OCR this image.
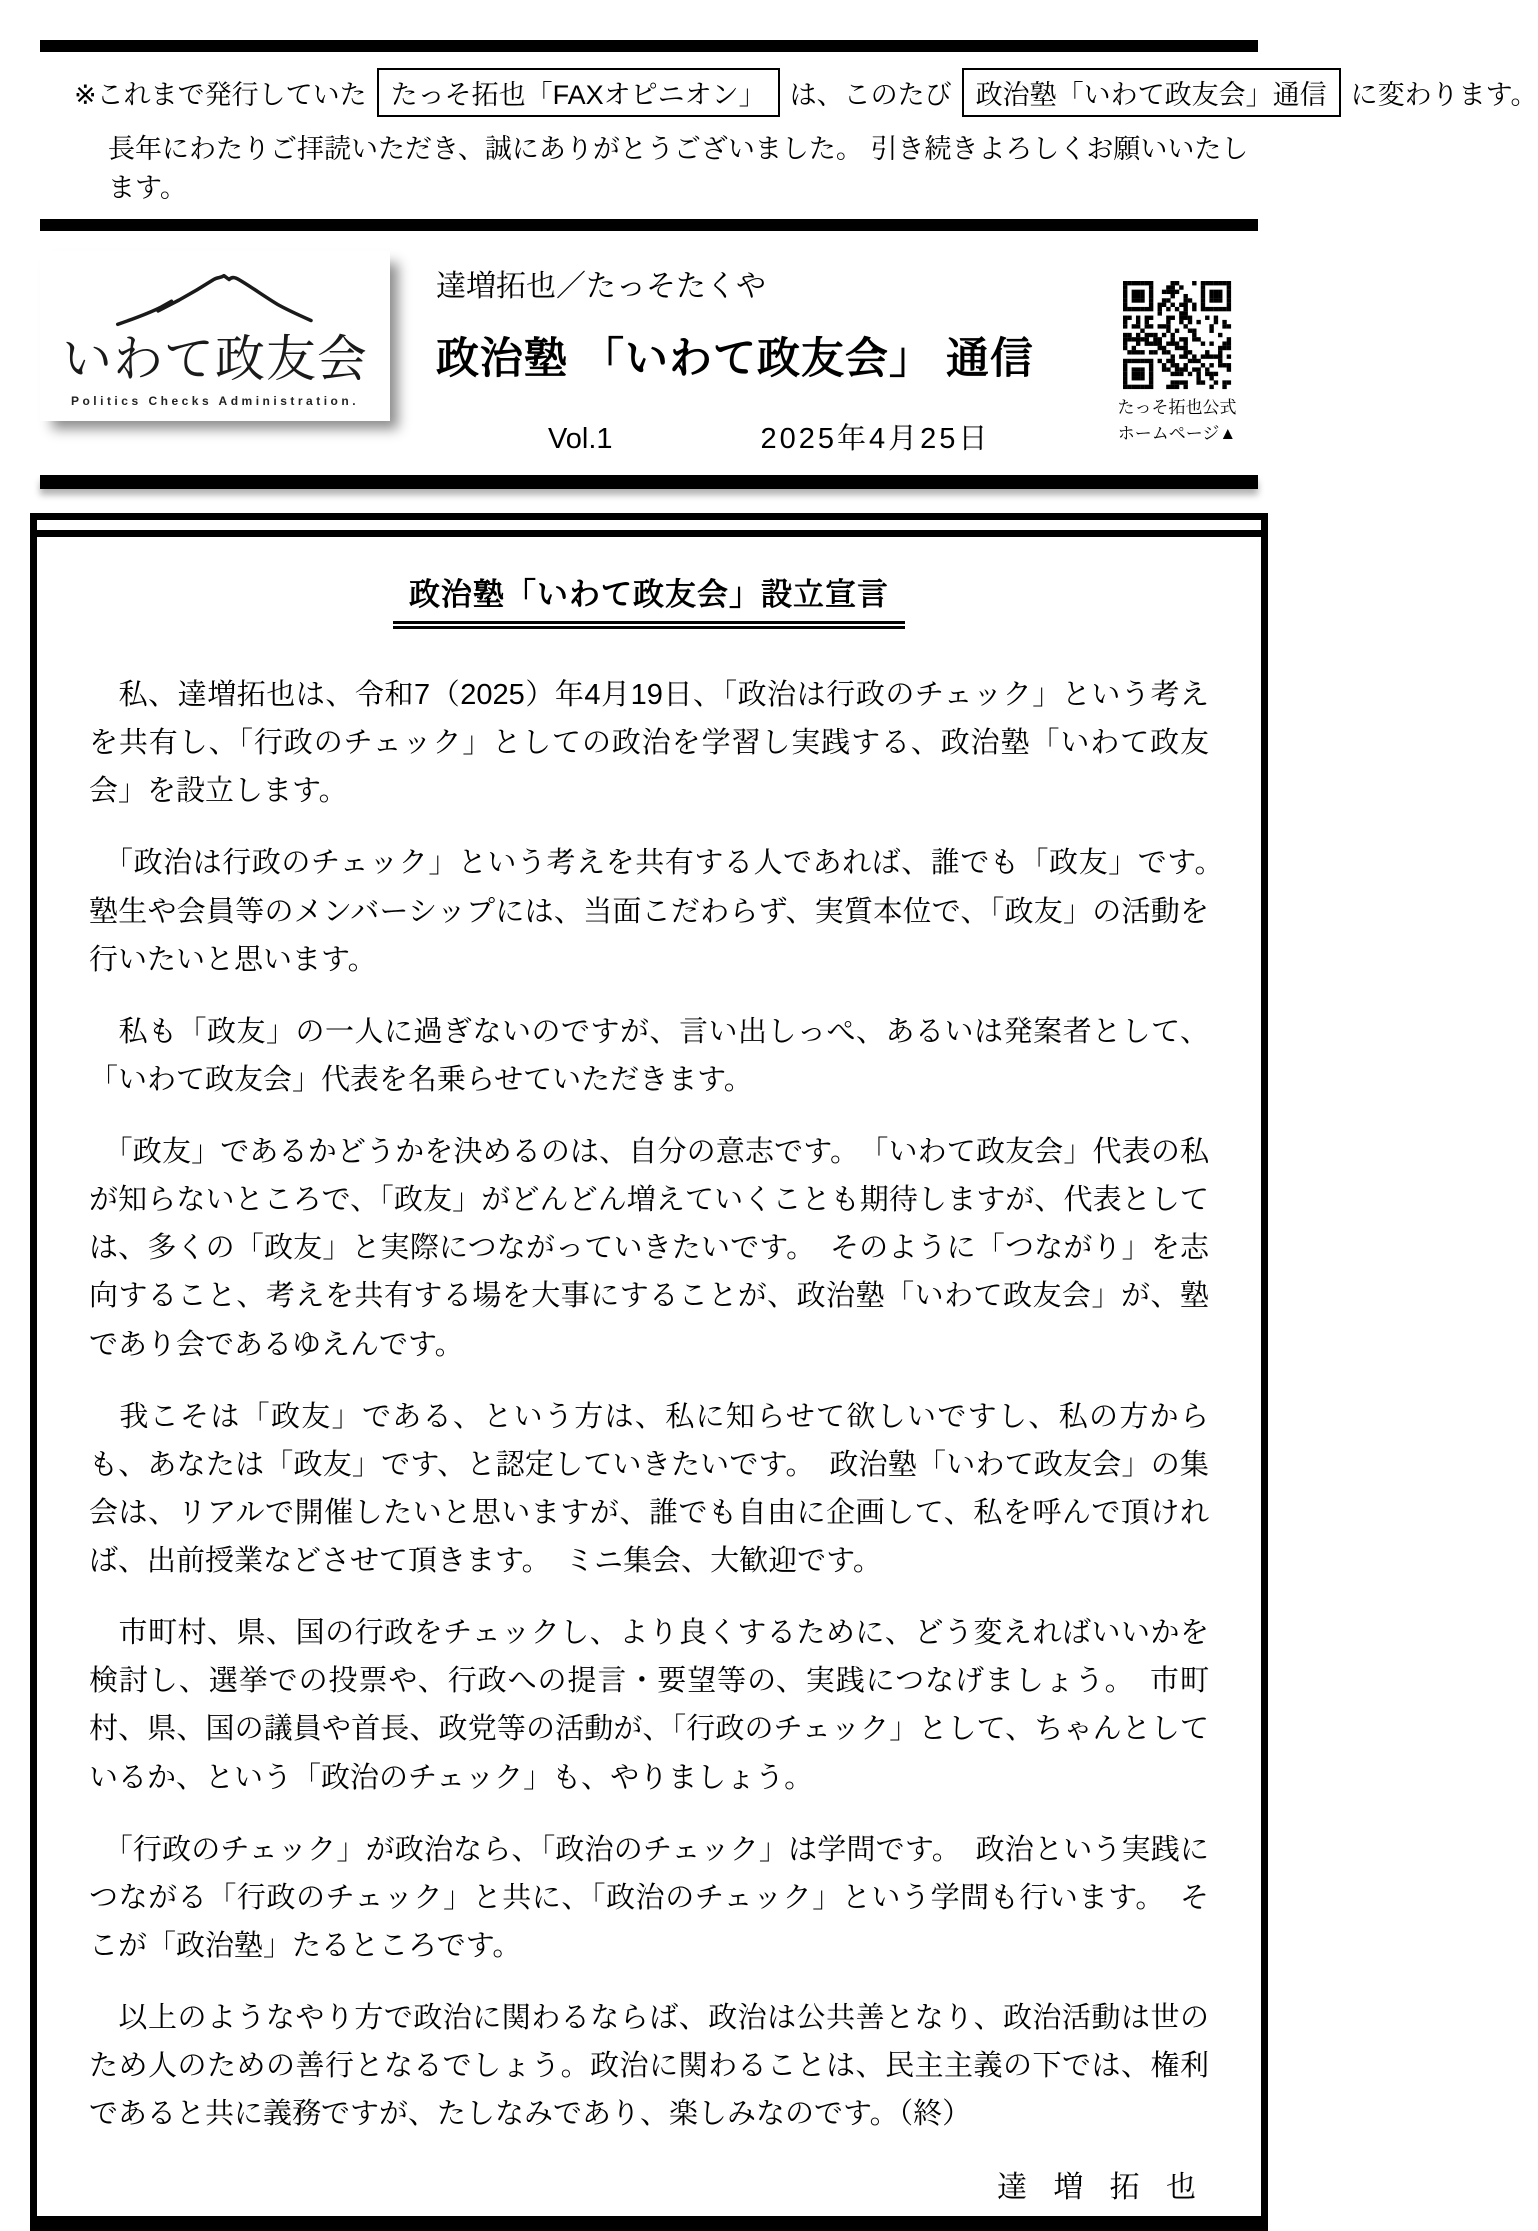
※これまで発行していた たっそ拓也「FAXオピニオン」 は、このたび 政治塾「いわて政友会」通信 に変わります。
長年にわたりご拝読いただき、誠にありがとうございました。 引き続きよろしくお願いいたします。
いわて政友会
Politics Checks Administration.
達増拓也／たっそたくや
政治塾 「いわて政友会」 通信
Vol.1	2025年4月25日
たっそ拓也公式
ホームページ▲
政治塾「いわて政友会」設立宣言

　私、達増拓也は、令和7（2025）年4月19日、「政治は行政のチェック」という考えを共有し、「行政のチェック」としての政治を学習し実践する、政治塾「いわて政友会」を設立します。

　「政治は行政のチェック」という考えを共有する人であれば、誰でも「政友」です。　塾生や会員等のメンバーシップには、当面こだわらず、実質本位で、「政友」の活動を行いたいと思います。

　私も「政友」の一人に過ぎないのですが、言い出しっぺ、あるいは発案者として、「いわて政友会」代表を名乗らせていただきます。

　「政友」であるかどうかを決めるのは、自分の意志です。　「いわて政友会」代表の私が知らないところで、「政友」がどんどん増えていくことも期待しますが、代表としては、多くの「政友」と実際につながっていきたいです。　そのように「つながり」を志向すること、考えを共有する場を大事にすることが、政治塾「いわて政友会」が、塾であり会であるゆえんです。

　我こそは「政友」である、という方は、私に知らせて欲しいですし、私の方からも、あなたは「政友」です、と認定していきたいです。　政治塾「いわて政友会」の集会は、リアルで開催したいと思いますが、誰でも自由に企画して、私を呼んで頂ければ、出前授業などさせて頂きます。　ミニ集会、大歓迎です。

　市町村、県、国の行政をチェックし、より良くするために、どう変えればいいかを検討し、選挙での投票や、行政への提言・要望等の、実践につなげましょう。　市町村、県、国の議員や首長、政党等の活動が、「行政のチェック」として、ちゃんとしているか、という「政治のチェック」も、やりましょう。

　「行政のチェック」が政治なら、「政治のチェック」は学問です。　政治という実践につながる「行政のチェック」と共に、「政治のチェック」という学問も行います。　そこが「政治塾」たるところです。

　以上のようなやり方で政治に関わるならば、政治は公共善となり、政治活動は世のため人のための善行となるでしょう。政治に関わることは、民主主義の下では、権利であると共に義務ですが、たしなみであり、楽しみなのです。（終）

達 増 拓 也
